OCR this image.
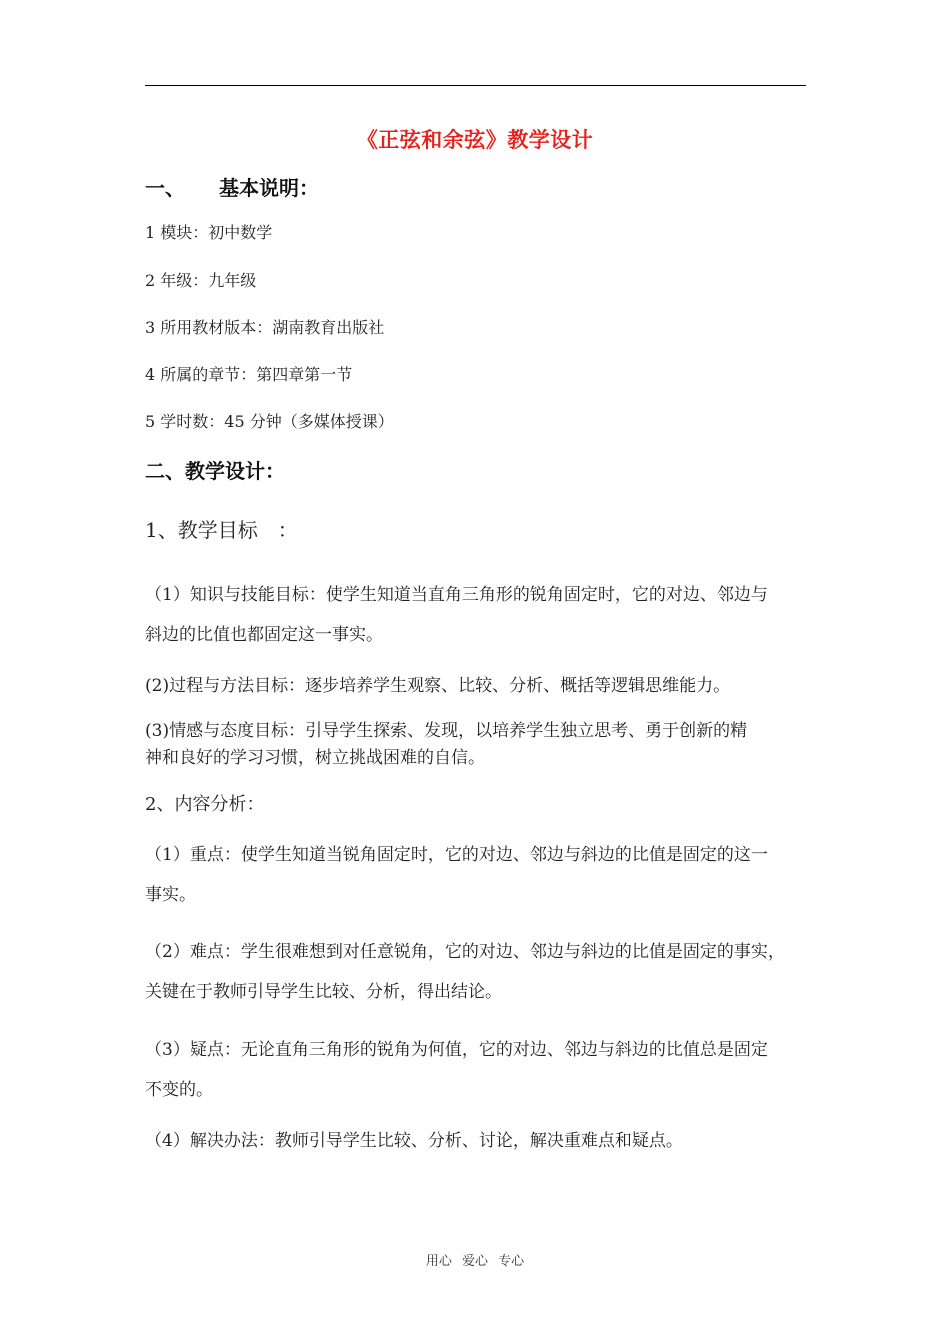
《正弦和余弦》教学设计
一、 基本说明：
1 模块：初中数学
2 年级：九年级
3 所用教材版本：湖南教育出版社
4 所属的章节：第四章第一节
5 学时数：45 分钟（多媒体授课）
二、教学设计：
1、教学目标　：
（1）知识与技能目标：使学生知道当直角三角形的锐角固定时，它的对边、邻边与
斜边的比值也都固定这一事实。
(2)过程与方法目标：逐步培养学生观察、比较、分析、概括等逻辑思维能力。
(3)情感与态度目标：引导学生探索、发现，以培养学生独立思考、勇于创新的精
神和良好的学习习惯，树立挑战困难的自信。
2、内容分析：
（1）重点：使学生知道当锐角固定时，它的对边、邻边与斜边的比值是固定的这一
事实。
（2）难点：学生很难想到对任意锐角，它的对边、邻边与斜边的比值是固定的事实，
关键在于教师引导学生比较、分析，得出结论。
（3）疑点：无论直角三角形的锐角为何值，它的对边、邻边与斜边的比值总是固定
不变的。
（4）解决办法：教师引导学生比较、分析、讨论，解决重难点和疑点。
用心 爱心 专心
